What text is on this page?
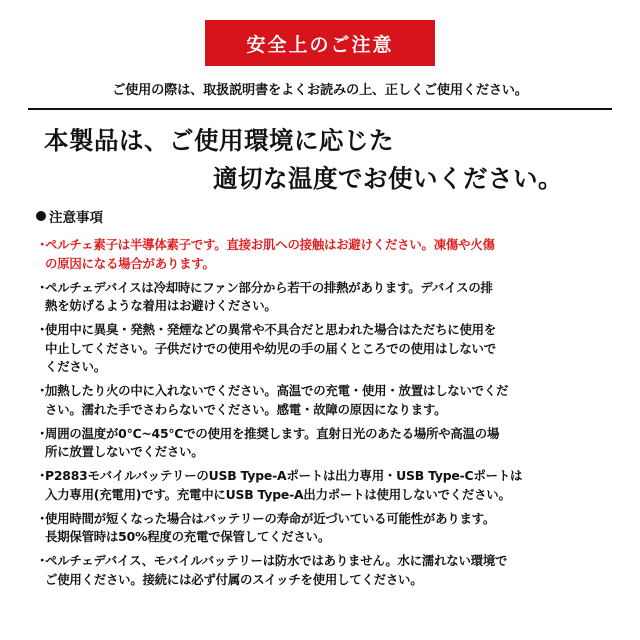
安全上のご注意
ご使用の際は、取扱説明書をよくお読みの上、正しくご使用ください。
本製品は、ご使用環境に応じた
適切な温度でお使いください。
注意事項
・
ペルチェ素子は半導体素子です。直接お肌への接触はお避けください。凍傷や火傷
の原因になる場合があります。
・
ペルチェデバイスは冷却時にファン部分から若干の排熱があります。デバイスの排
熱を妨げるような着用はお避けください。
・
使用中に異臭・発熱・発煙などの異常や不具合だと思われた場合はただちに使用を
中止してください。子供だけでの使用や幼児の手の届くところでの使用はしないで
ください。
・
加熱したり火の中に入れないでください。高温での充電・使用・放置はしないでくだ
さい。濡れた手でさわらないでください。感電・故障の原因になります。
・
周囲の温度が0℃~45℃での使用を推奨します。直射日光のあたる場所や高温の場
所に放置しないでください。
・
P2883モバイルバッテリーのUSB Type-Aポートは出力専用・USB Type-Cポートは
入力専用(充電用)です。充電中にUSB Type-A出力ポートは使用しないでください。
・
使用時間が短くなった場合はバッテリーの寿命が近づいている可能性があります。
長期保管時は50%程度の充電で保管してください。
・
ペルチェデバイス、モバイルバッテリーは防水ではありません。水に濡れない環境で
ご使用ください。接続には必ず付属のスイッチを使用してください。
